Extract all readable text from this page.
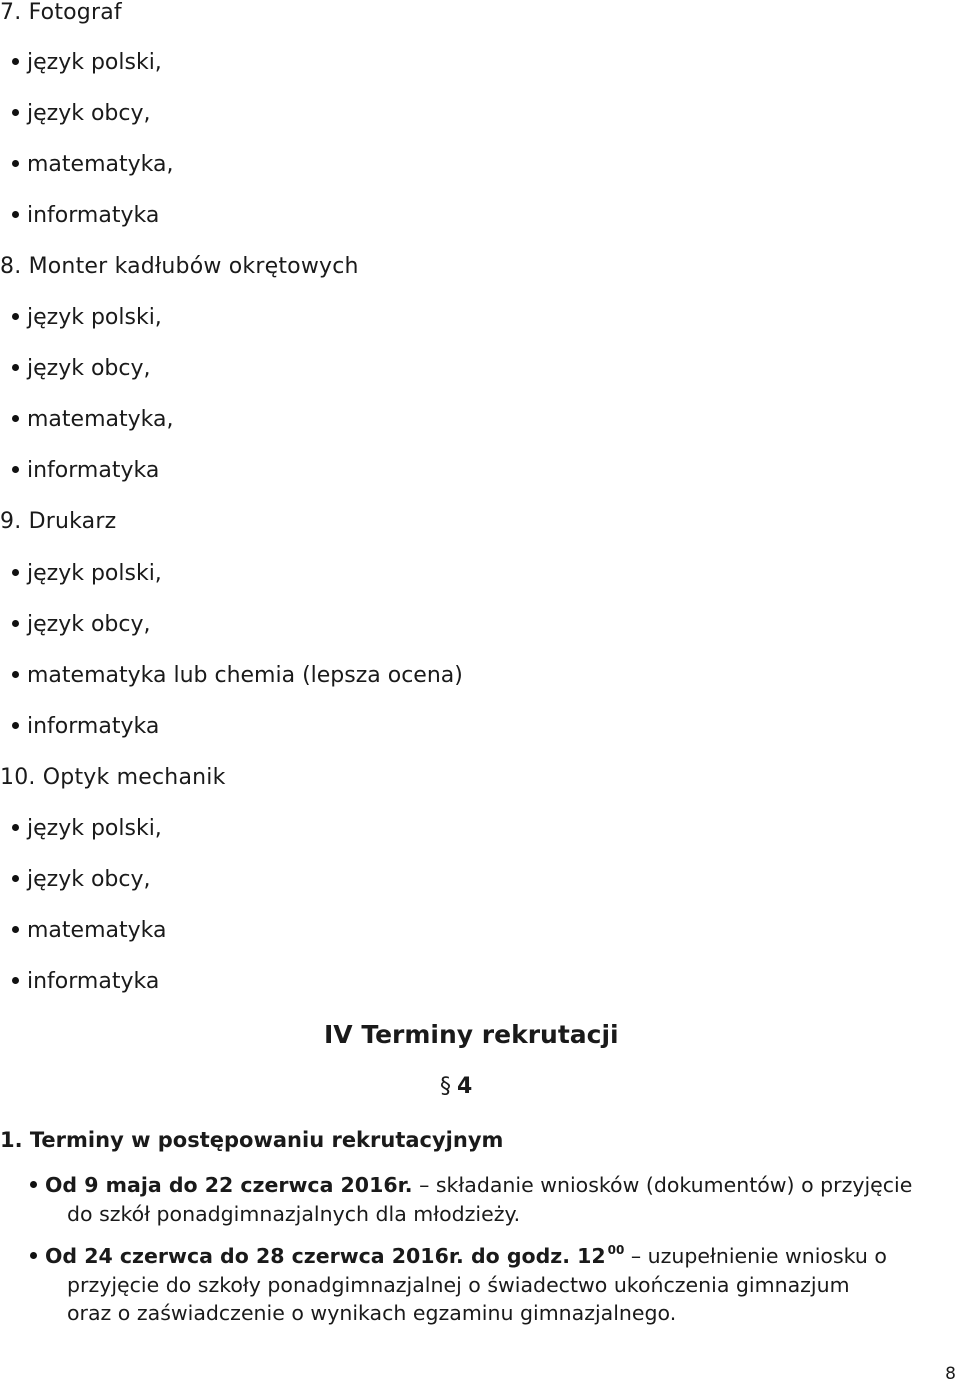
7. Fotograf
język polski,
język obcy,
matematyka,
informatyka
8. Monter kadłubów okrętowych
język polski,
język obcy,
matematyka,
informatyka
9. Drukarz
język polski,
język obcy,
matematyka lub chemia (lepsza ocena)
informatyka
10. Optyk mechanik
język polski,
język obcy,
matematyka
informatyka
IV Terminy rekrutacji
§ 4
1. Terminy w postępowaniu rekrutacyjnym
Od 9 maja do 22 czerwca 2016r. – składanie wniosków (dokumentów) o przyjęcie
do szkół ponadgimnazjalnych dla młodzieży.
Od 24 czerwca do 28 czerwca 2016r. do godz. 12 $^{00}$ – uzupełnienie wniosku o
przyjęcie do szkoły ponadgimnazjalnej o świadectwo ukończenia gimnazjum
oraz o zaświadczenie o wynikach egzaminu gimnazjalnego.
8
